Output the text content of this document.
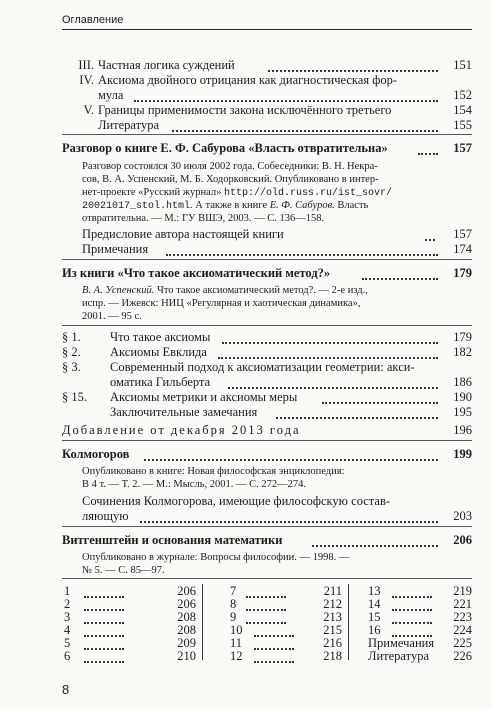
Оглавление
III. Частная логика суждений	151
IV. Аксиома двойного отрицания как диагностическая фор-
мула	152
V. Границы применимости закона исключённого третьего	154
Литература	155
Разговор о книге Е. Ф. Сабурова «Власть отвратительна»	157
Разговор состоялся 30 июля 2002 года. Собеседники: В. Н. Некра-
сов, В. А. Успенский, М. Б. Ходорковский. Опубликовано в интер-
нет-проекте «Русский журнал» http://old.russ.ru/ist_sovr/
20021017_stol.html. А также в книге Е. Ф. Сабуров. Власть
отвратительна. — М.: ГУ ВШЭ, 2003. — С. 136—158.
Предисловие автора настоящей книги	157
Примечания	174
Из книги «Что такое аксиоматический метод?»	179
В. А. Успенский. Что такое аксиоматический метод?. — 2-е изд.,
испр. — Ижевск: НИЦ «Регулярная и хаотическая динамика»,
2001. — 95 с.
§ 1. Что такое аксиомы	179
§ 2. Аксиомы Евклида	182
§ 3. Современный подход к аксиоматизации геометрии: акси-
оматика Гильберта	186
§ 15. Аксиомы метрики и аксиомы меры	190
Заключительные замечания	195
Добавление от декабря 2013 года	196
Колмогоров	199
Опубликовано в книге: Новая философская энциклопедия:
В 4 т. — Т. 2. — М.: Мысль, 2001. — С. 272—274.
Сочинения Колмогорова, имеющие философскую состав-
ляющую	203
Витгенштейн и основания математики	206
Опубликовано в журнале: Вопросы философии. — 1998. —
№ 5. — С. 85—97.
1	206
2	206
3	208
4	208
5	209
6	210
7	211
8	212
9	213
10	215
11	216
12	218
13	219
14	221
15	223
16	224
Примечания	225
Литература	226
8
